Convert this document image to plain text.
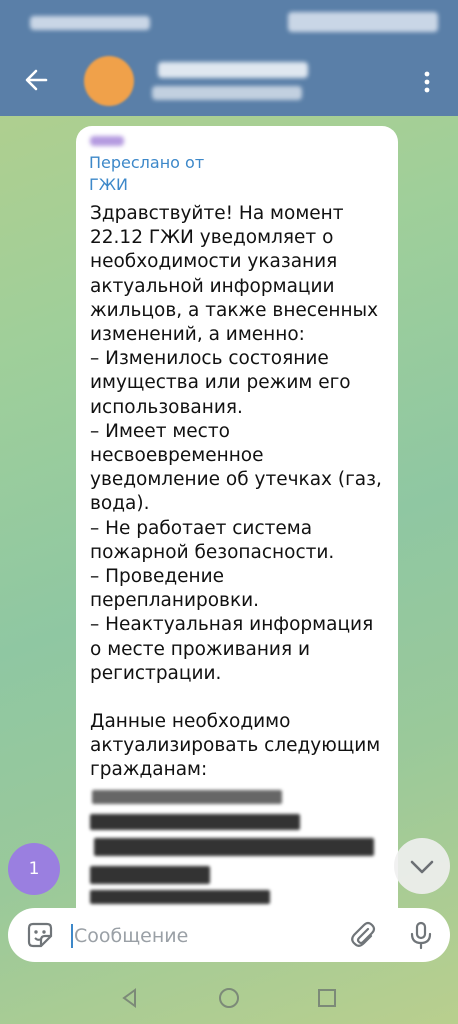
Переслано от
ГЖИ

Здравствуйте! На момент 22.12 ГЖИ уведомляет о необходимости указания актуальной информации жильцов, а также внесенных изменений, а именно:

– Изменилось состояние имущества или режим его использования.

– Имеет место несвоевременное уведомление об утечках (газ, вода).

– Не работает система пожарной безопасности.

– Проведение перепланировки.

– Неактуальная информация о месте проживания и регистрации.

Данные необходимо актуализировать следующим гражданам:

1
Сообщение
